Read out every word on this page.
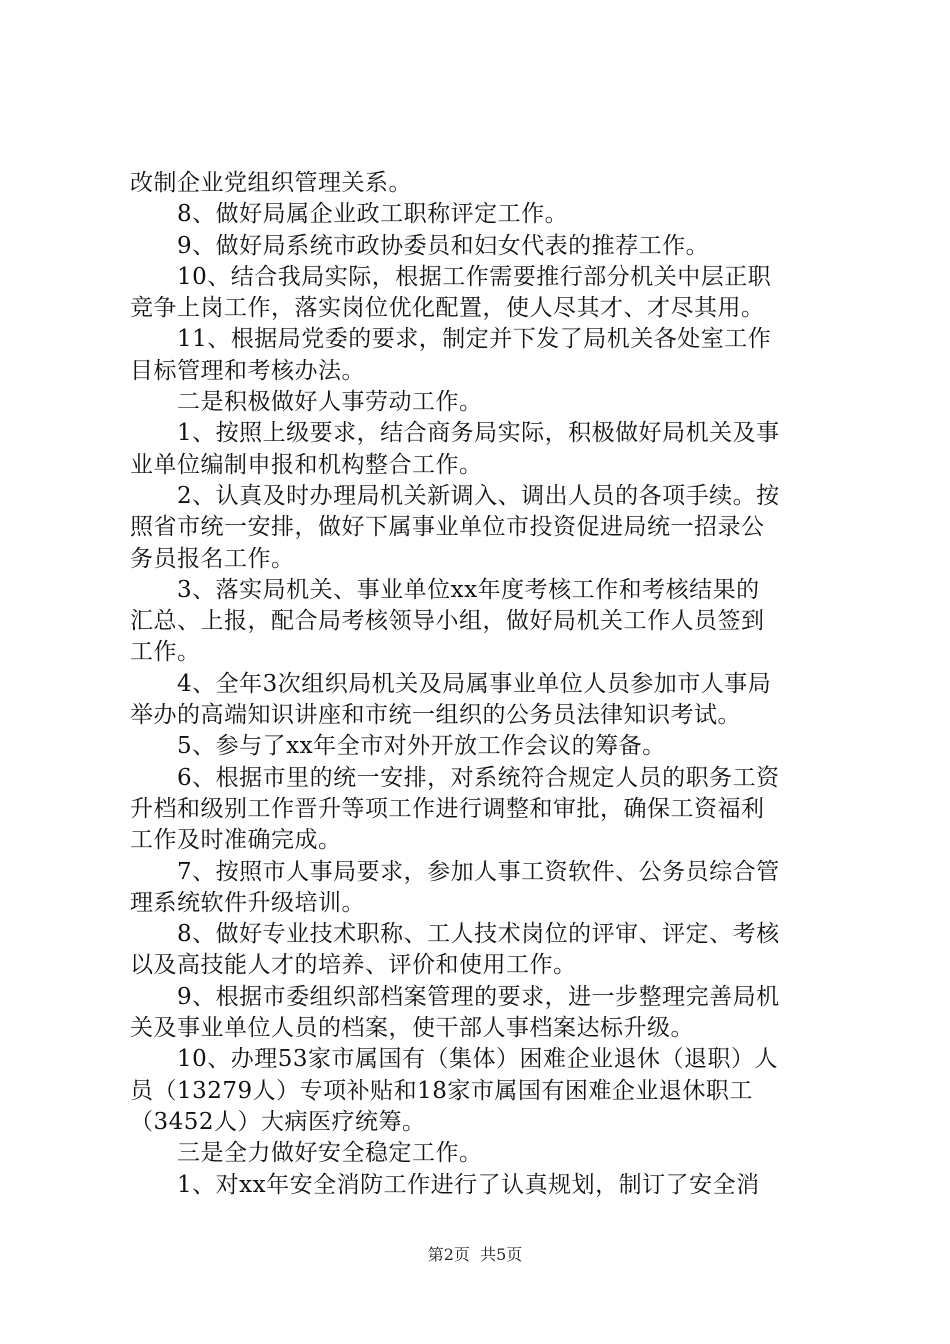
改制企业党组织管理关系。
　　8、做好局属企业政工职称评定工作。
　　9、做好局系统市政协委员和妇女代表的推荐工作。
　　10、结合我局实际，根据工作需要推行部分机关中层正职
竞争上岗工作，落实岗位优化配置，使人尽其才、才尽其用。
　　11、根据局党委的要求，制定并下发了局机关各处室工作
目标管理和考核办法。
　　二是积极做好人事劳动工作。
　　1、按照上级要求，结合商务局实际，积极做好局机关及事
业单位编制申报和机构整合工作。
　　2、认真及时办理局机关新调入、调出人员的各项手续。按
照省市统一安排，做好下属事业单位市投资促进局统一招录公
务员报名工作。
　　3、落实局机关、事业单位xx年度考核工作和考核结果的
汇总、上报，配合局考核领导小组，做好局机关工作人员签到
工作。
　　4、全年3次组织局机关及局属事业单位人员参加市人事局
举办的高端知识讲座和市统一组织的公务员法律知识考试。
　　5、参与了xx年全市对外开放工作会议的筹备。
　　6、根据市里的统一安排，对系统符合规定人员的职务工资
升档和级别工作晋升等项工作进行调整和审批，确保工资福利
工作及时准确完成。
　　7、按照市人事局要求，参加人事工资软件、公务员综合管
理系统软件升级培训。
　　8、做好专业技术职称、工人技术岗位的评审、评定、考核
以及高技能人才的培养、评价和使用工作。
　　9、根据市委组织部档案管理的要求，进一步整理完善局机
关及事业单位人员的档案，使干部人事档案达标升级。
　　10、办理53家市属国有（集体）困难企业退休（退职）人
员（13279人）专项补贴和18家市属国有困难企业退休职工
（3452人）大病医疗统筹。
　　三是全力做好安全稳定工作。
　　1、对xx年安全消防工作进行了认真规划，制订了安全消
第2页  共5页
